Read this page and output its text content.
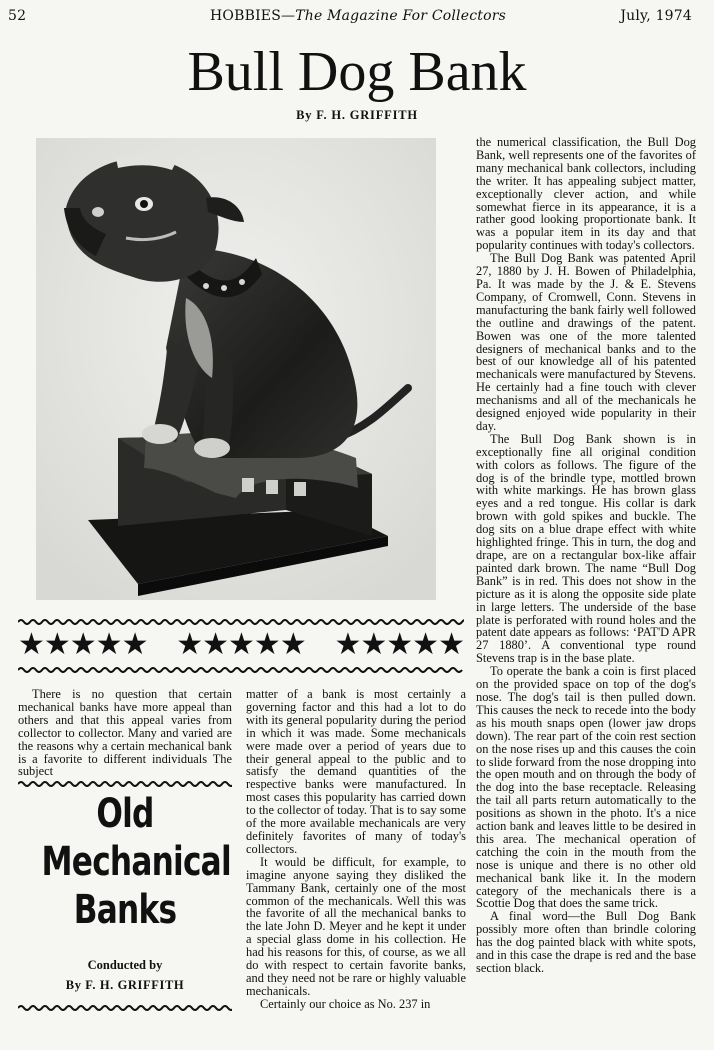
52	HOBBIES—The Magazine For Collectors	July, 1974
Bull Dog Bank
By F. H. GRIFFITH

the numerical classification, the Bull Dog Bank, well represents one of the favorites of many mechanical bank collectors, including the writer. It has appealing subject matter, exceptionally clever action, and while somewhat fierce in its appearance, it is a rather good looking proportionate bank. It was a popular item in its day and that popularity continues with today's collectors.

The Bull Dog Bank was patented April 27, 1880 by J. H. Bowen of Philadelphia, Pa. It was made by the J. & E. Stevens Company, of Cromwell, Conn. Stevens in manufacturing the bank fairly well followed the outline and drawings of the patent. Bowen was one of the more talented designers of mechanical banks and to the best of our knowledge all of his patented mechanicals were manufactured by Stevens. He certainly had a fine touch with clever mechanisms and all of the mechanicals he designed enjoyed wide popularity in their day.

The Bull Dog Bank shown is in exceptionally fine all original condition with colors as follows. The figure of the dog is of the brindle type, mottled brown with white markings. He has brown glass eyes and a red tongue. His collar is dark brown with gold spikes and buckle. The dog sits on a blue drape effect with white highlighted fringe. This in turn, the dog and drape, are on a rectangular box-like affair painted dark brown. The name “Bull Dog Bank” is in red. This does not show in the picture as it is along the opposite side plate in large letters. The underside of the base plate is perforated with round holes and the patent date appears as follows: ‘PAT'D APR 27 1880’. A conventional type round Stevens trap is in the base plate.

To operate the bank a coin is first placed on the provided space on top of the dog's nose. The dog's tail is then pulled down. This causes the neck to recede into the body as his mouth snaps open (lower jaw drops down). The rear part of the coin rest section on the nose rises up and this causes the coin to slide forward from the nose dropping into the open mouth and on through the body of the dog into the base receptacle. Releasing the tail all parts return automatically to the positions as shown in the photo. It's a nice action bank and leaves little to be desired in this area. The mechanical operation of catching the coin in the mouth from the nose is unique and there is no other old mechanical bank like it. In the modern category of the mechanicals there is a Scottie Dog that does the same trick.

A final word—the Bull Dog Bank possibly more often than brindle coloring has the dog painted black with white spots, and in this case the drape is red and the base section black.

★★★★★ ★★★★★ ★★★★★

There is no question that certain mechanical banks have more appeal than others and that this appeal varies from collector to collector. Many and varied are the reasons why a certain mechanical bank is a favorite to different individuals The subject

Old
Mechanical
Banks
Conducted by
By F. H. GRIFFITH

matter of a bank is most certainly a governing factor and this had a lot to do with its general popularity during the period in which it was made. Some mechanicals were made over a period of years due to their general appeal to the public and to satisfy the demand quantities of the respective banks were manufactured. In most cases this popularity has carried down to the collector of today. That is to say some of the more available mechanicals are very definitely favorites of many of today's collectors.

It would be difficult, for example, to imagine anyone saying they disliked the Tammany Bank, certainly one of the most common of the mechanicals. Well this was the favorite of all the mechanical banks to the late John D. Meyer and he kept it under a special glass dome in his collection. He had his reasons for this, of course, as we all do with respect to certain favorite banks, and they need not be rare or highly valuable mechanicals.

Certainly our choice as No. 237 in
